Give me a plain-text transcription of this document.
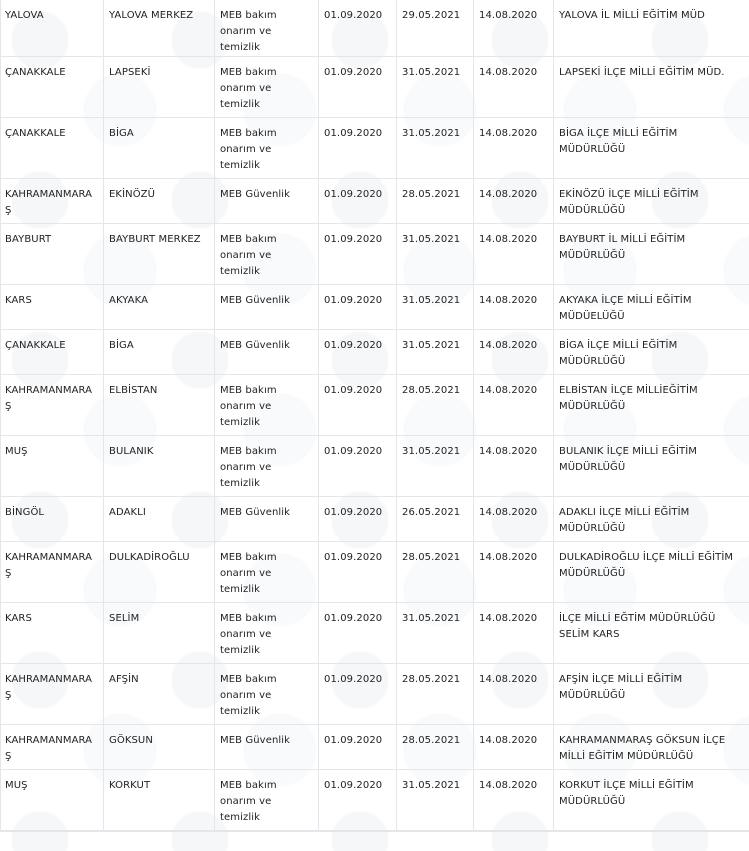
YALOVA	YALOVA MERKEZ	MEB bakım onarım ve temizlik	01.09.2020	29.05.2021	14.08.2020	YALOVA İL MİLLİ EĞİTİM MÜD
ÇANAKKALE	LAPSEKİ	MEB bakım onarım ve temizlik	01.09.2020	31.05.2021	14.08.2020	LAPSEKİ İLÇE MİLLİ EĞİTİM MÜD.
ÇANAKKALE	BİGA	MEB bakım onarım ve temizlik	01.09.2020	31.05.2021	14.08.2020	BİGA İLÇE MİLLİ EĞİTİM MÜDÜRLÜĞÜ
KAHRAMANMARAŞ	EKİNÖZÜ	MEB Güvenlik	01.09.2020	28.05.2021	14.08.2020	EKİNÖZÜ İLÇE MİLLİ EĞİTİM MÜDÜRLÜĞÜ
BAYBURT	BAYBURT MERKEZ	MEB bakım onarım ve temizlik	01.09.2020	31.05.2021	14.08.2020	BAYBURT İL MİLLİ EĞİTİM MÜDÜRLÜĞÜ
KARS	AKYAKA	MEB Güvenlik	01.09.2020	31.05.2021	14.08.2020	AKYAKA İLÇE MİLLİ EĞİTİM MÜDÜELÜĞÜ
ÇANAKKALE	BİGA	MEB Güvenlik	01.09.2020	31.05.2021	14.08.2020	BİGA İLÇE MİLLİ EĞİTİM MÜDÜRLÜĞÜ
KAHRAMANMARAŞ	ELBİSTAN	MEB bakım onarım ve temizlik	01.09.2020	28.05.2021	14.08.2020	ELBİSTAN İLÇE MİLLİEĞİTİM MÜDÜRLÜĞÜ
MUŞ	BULANIK	MEB bakım onarım ve temizlik	01.09.2020	31.05.2021	14.08.2020	BULANIK İLÇE MİLLİ EĞİTİM MÜDÜRLÜĞÜ
BİNGÖL	ADAKLI	MEB Güvenlik	01.09.2020	26.05.2021	14.08.2020	ADAKLI İLÇE MİLLİ EĞİTİM MÜDÜRLÜĞÜ
KAHRAMANMARAŞ	DULKADİROĞLU	MEB bakım onarım ve temizlik	01.09.2020	28.05.2021	14.08.2020	DULKADİROĞLU İLÇE MİLLİ EĞİTİM MÜDÜRLÜĞÜ
KARS	SELİM	MEB bakım onarım ve temizlik	01.09.2020	31.05.2021	14.08.2020	İLÇE MİLLİ EĞTİM MÜDÜRLÜĞÜ SELİM KARS
KAHRAMANMARAŞ	AFŞİN	MEB bakım onarım ve temizlik	01.09.2020	28.05.2021	14.08.2020	AFŞİN İLÇE MİLLİ EĞİTİM MÜDÜRLÜĞÜ
KAHRAMANMARAŞ	GÖKSUN	MEB Güvenlik	01.09.2020	28.05.2021	14.08.2020	KAHRAMANMARAŞ GÖKSUN İLÇE MİLLİ EĞİTİM MÜDÜRLÜĞÜ
MUŞ	KORKUT	MEB bakım onarım ve temizlik	01.09.2020	31.05.2021	14.08.2020	KORKUT İLÇE MİLLİ EĞİTİM MÜDÜRLÜĞÜ
